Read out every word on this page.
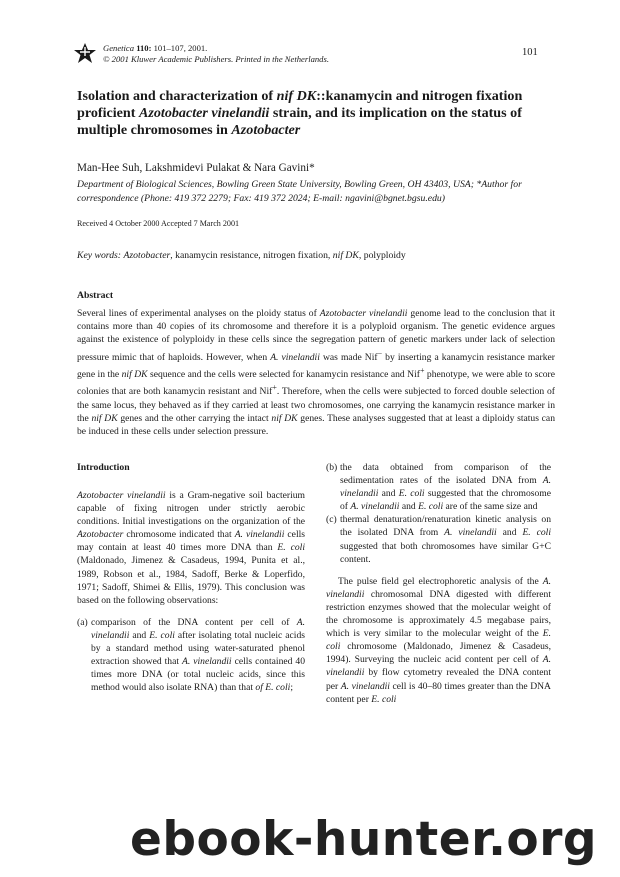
Genetica 110: 101–107, 2001.
© 2001 Kluwer Academic Publishers. Printed in the Netherlands.
101
Isolation and characterization of nif DK::kanamycin and nitrogen fixation proficient Azotobacter vinelandii strain, and its implication on the status of multiple chromosomes in Azotobacter
Man-Hee Suh, Lakshmidevi Pulakat & Nara Gavini*
Department of Biological Sciences, Bowling Green State University, Bowling Green, OH 43403, USA; *Author for correspondence (Phone: 419 372 2279; Fax: 419 372 2024; E-mail: ngavini@bgnet.bgsu.edu)
Received 4 October 2000 Accepted 7 March 2001
Key words: Azotobacter, kanamycin resistance, nitrogen fixation, nif DK, polyploidy
Abstract
Several lines of experimental analyses on the ploidy status of Azotobacter vinelandii genome lead to the conclusion that it contains more than 40 copies of its chromosome and therefore it is a polyploid organism. The genetic evidence argues against the existence of polyploidy in these cells since the segregation pattern of genetic markers under lack of selection pressure mimic that of haploids. However, when A. vinelandii was made Nif− by inserting a kanamycin resistance marker gene in the nif DK sequence and the cells were selected for kanamycin resistance and Nif+ phenotype, we were able to score colonies that are both kanamycin resistant and Nif+. Therefore, when the cells were subjected to forced double selection of the same locus, they behaved as if they carried at least two chromosomes, one carrying the kanamycin resistance marker in the nif DK genes and the other carrying the intact nif DK genes. These analyses suggested that at least a diploidy status can be induced in these cells under selection pressure.
Introduction

Azotobacter vinelandii is a Gram-negative soil bacterium capable of fixing nitrogen under strictly aerobic conditions. Initial investigations on the organization of the Azotobacter chromosome indicated that A. vinelandii cells may contain at least 40 times more DNA than E. coli (Maldonado, Jimenez & Casadeus, 1994, Punita et al., 1989, Robson et al., 1984, Sadoff, Berke & Loperfido, 1971; Sadoff, Shimei & Ellis, 1979). This conclusion was based on the following observations:

(a) comparison of the DNA content per cell of A. vinelandii and E. coli after isolating total nucleic acids by a standard method using water-saturated phenol extraction showed that A. vinelandii cells contained 40 times more DNA (or total nucleic acids, since this method would also isolate RNA) than that of E. coli;
(b) the data obtained from comparison of the sedimentation rates of the isolated DNA from A. vinelandii and E. coli suggested that the chromosome of A. vinelandii and E. coli are of the same size and
(c) thermal denaturation/renaturation kinetic analysis on the isolated DNA from A. vinelandii and E. coli suggested that both chromosomes have similar G+C content.

The pulse field gel electrophoretic analysis of the A. vinelandii chromosomal DNA digested with different restriction enzymes showed that the molecular weight of the chromosome is approximately 4.5 megabase pairs, which is very similar to the molecular weight of the E. coli chromosome (Maldonado, Jimenez & Casadeus, 1994). Surveying the nucleic acid content per cell of A. vinelandii by flow cytometry revealed the DNA content per A. vinelandii cell is 40–80 times greater than the DNA content per E. coli

ebook-hunter.org
